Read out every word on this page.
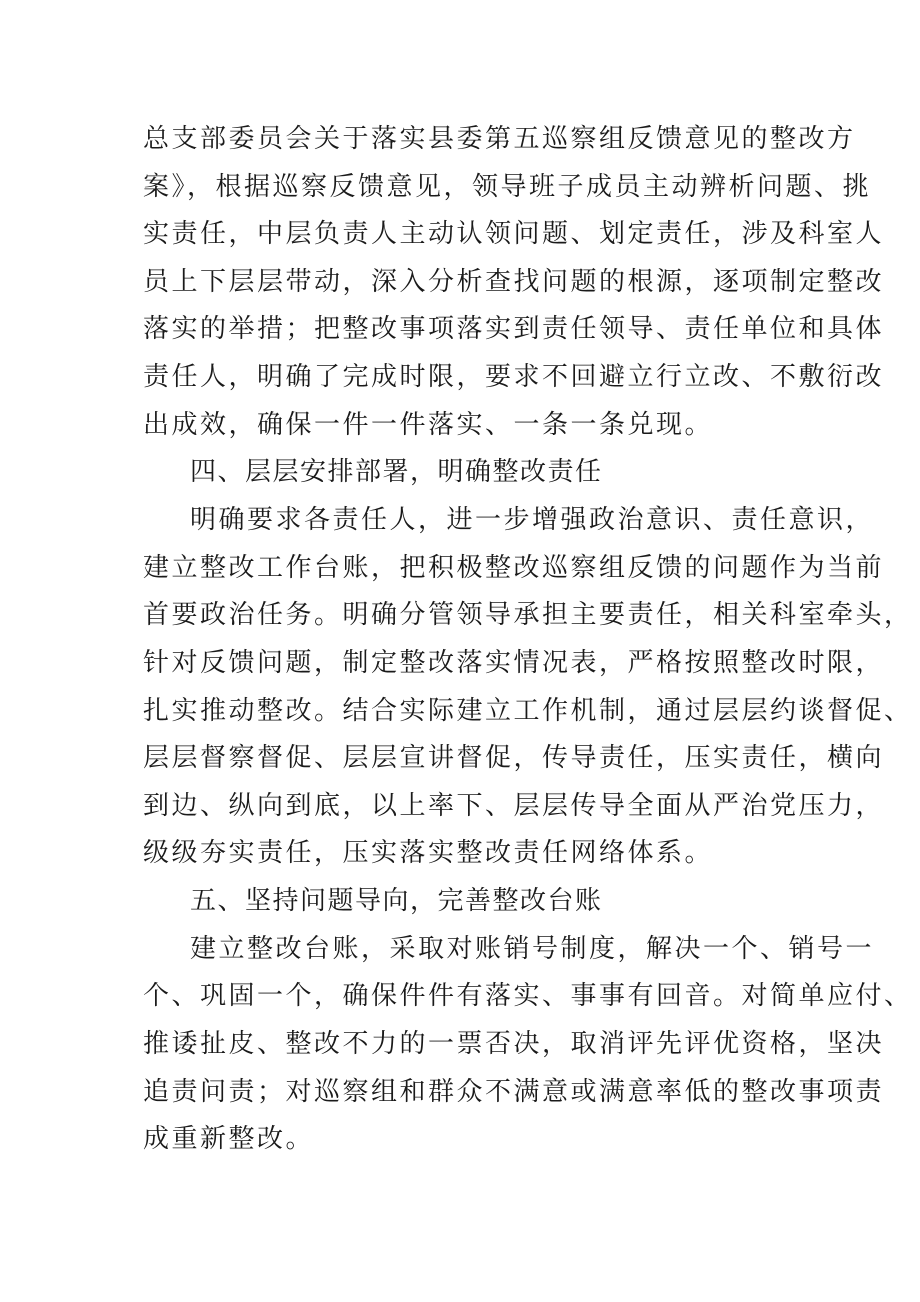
总支部委员会关于落实县委第五巡察组反馈意见的整改方
案》，根据巡察反馈意见，领导班子成员主动辨析问题、挑
实责任，中层负责人主动认领问题、划定责任，涉及科室人
员上下层层带动，深入分析查找问题的根源，逐项制定整改
落实的举措；把整改事项落实到责任领导、责任单位和具体
责任人，明确了完成时限，要求不回避立行立改、不敷衍改
出成效，确保一件一件落实、一条一条兑现。
四、层层安排部署，明确整改责任
明确要求各责任人，进一步增强政治意识、责任意识，
建立整改工作台账，把积极整改巡察组反馈的问题作为当前
首要政治任务。明确分管领导承担主要责任，相关科室牵头，
针对反馈问题，制定整改落实情况表，严格按照整改时限，
扎实推动整改。结合实际建立工作机制，通过层层约谈督促、
层层督察督促、层层宣讲督促，传导责任，压实责任，横向
到边、纵向到底，以上率下、层层传导全面从严治党压力，
级级夯实责任，压实落实整改责任网络体系。
五、坚持问题导向，完善整改台账
建立整改台账，采取对账销号制度，解决一个、销号一
个、巩固一个，确保件件有落实、事事有回音。对简单应付、
推诿扯皮、整改不力的一票否决，取消评先评优资格，坚决
追责问责；对巡察组和群众不满意或满意率低的整改事项责
成重新整改。
